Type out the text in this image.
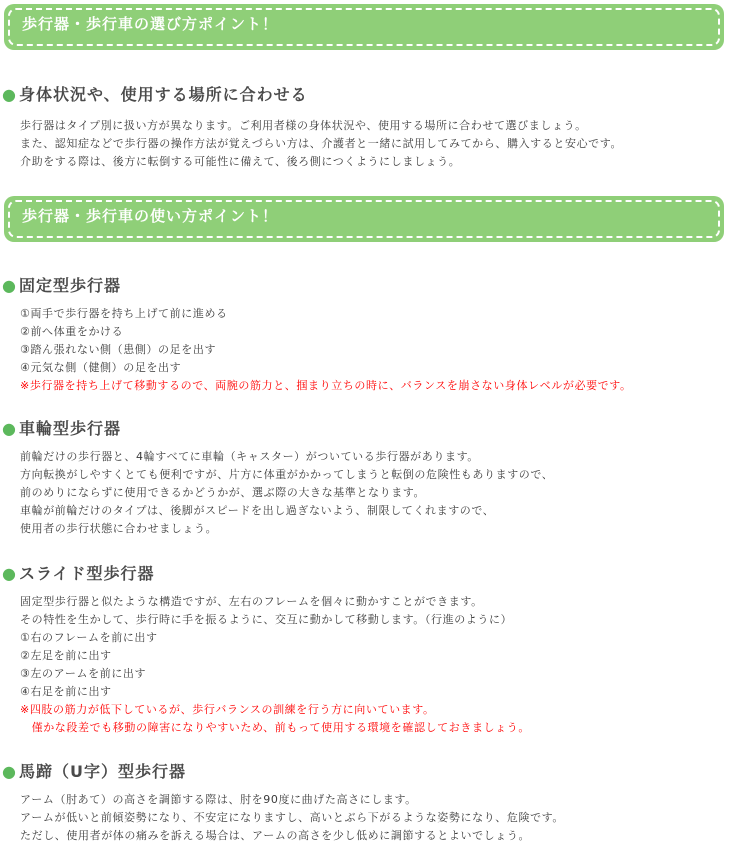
歩行器・歩行車の選び方ポイント！
● 身体状況や、使用する場所に合わせる
歩行器はタイプ別に扱い方が異なります。ご利用者様の身体状況や、使用する場所に合わせて選びましょう。
また、認知症などで歩行器の操作方法が覚えづらい方は、介護者と一緒に試用してみてから、購入すると安心です。
介助をする際は、後方に転倒する可能性に備えて、後ろ側につくようにしましょう。
歩行器・歩行車の使い方ポイント！
● 固定型歩行器
①両手で歩行器を持ち上げて前に進める
②前へ体重をかける
③踏ん張れない側（患側）の足を出す
④元気な側（健側）の足を出す
※歩行器を持ち上げて移動するので、両腕の筋力と、掴まり立ちの時に、バランスを崩さない身体レベルが必要です。
● 車輪型歩行器
前輪だけの歩行器と、4輪すべてに車輪（キャスター）がついている歩行器があります。
方向転換がしやすくとても便利ですが、片方に体重がかかってしまうと転倒の危険性もありますので、
前のめりにならずに使用できるかどうかが、選ぶ際の大きな基準となります。
車輪が前輪だけのタイプは、後脚がスピードを出し過ぎないよう、制限してくれますので、
使用者の歩行状態に合わせましょう。
● スライド型歩行器
固定型歩行器と似たような構造ですが、左右のフレームを個々に動かすことができます。
その特性を生かして、歩行時に手を振るように、交互に動かして移動します。（行進のように）
①右のフレームを前に出す
②左足を前に出す
③左のアームを前に出す
④右足を前に出す
※四肢の筋力が低下しているが、歩行バランスの訓練を行う方に向いています。
　僅かな段差でも移動の障害になりやすいため、前もって使用する環境を確認しておきましょう。
● 馬蹄（U字）型歩行器
アーム（肘あて）の高さを調節する際は、肘を90度に曲げた高さにします。
アームが低いと前傾姿勢になり、不安定になりますし、高いとぶら下がるような姿勢になり、危険です。
ただし、使用者が体の痛みを訴える場合は、アームの高さを少し低めに調節するとよいでしょう。
